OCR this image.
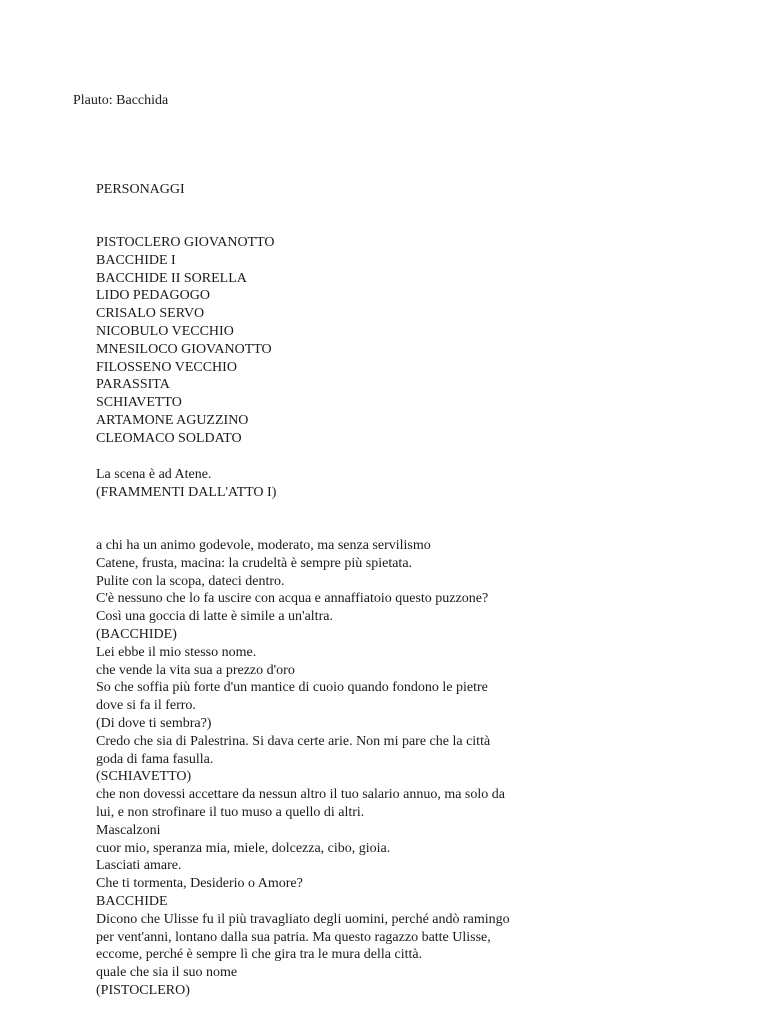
Plauto: Bacchida
PERSONAGGI
PISTOCLERO GIOVANOTTO
BACCHIDE I
BACCHIDE II SORELLA
LIDO PEDAGOGO
CRISALO SERVO
NICOBULO VECCHIO
MNESILOCO GIOVANOTTO
FILOSSENO VECCHIO
PARASSITA
SCHIAVETTO
ARTAMONE AGUZZINO
CLEOMACO SOLDATO
La scena è ad Atene.
(FRAMMENTI DALL'ATTO I)
a chi ha un animo godevole, moderato, ma senza servilismo
Catene, frusta, macina: la crudeltà è sempre più spietata.
Pulite con la scopa, dateci dentro.
C'è nessuno che lo fa uscire con acqua e annaffiatoio questo puzzone?
Così una goccia di latte è simile a un'altra.
(BACCHIDE)
Lei ebbe il mio stesso nome.
che vende la vita sua a prezzo d'oro
So che soffia più forte d'un mantice di cuoio quando fondono le pietre
dove si fa il ferro.
(Di dove ti sembra?)
Credo che sia di Palestrina. Si dava certe arie. Non mi pare che la città
goda di fama fasulla.
(SCHIAVETTO)
che non dovessi accettare da nessun altro il tuo salario annuo, ma solo da
lui, e non strofinare il tuo muso a quello di altri.
Mascalzoni
cuor mio, speranza mia, miele, dolcezza, cibo, gioia.
Lasciati amare.
Che ti tormenta, Desiderio o Amore?
BACCHIDE
Dicono che Ulisse fu il più travagliato degli uomini, perché andò ramingo
per vent'anni, lontano dalla sua patria. Ma questo ragazzo batte Ulisse,
eccome, perché è sempre lì che gira tra le mura della città.
quale che sia il suo nome
(PISTOCLERO)
